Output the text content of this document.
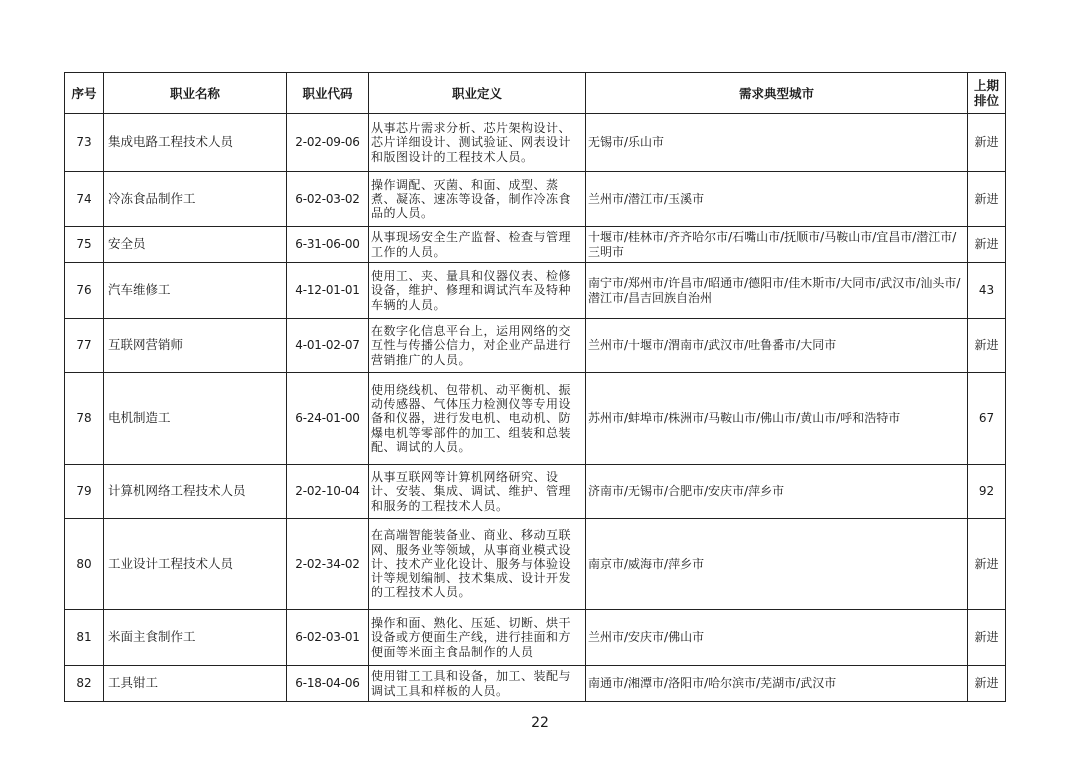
序号	职业名称	职业代码	职业定义	需求典型城市	上期排位
73	集成电路工程技术人员	2-02-09-06	从事芯片需求分析、芯片架构设计、芯片详细设计、测试验证、网表设计和版图设计的工程技术人员。	无锡市/乐山市	新进
74	冷冻食品制作工	6-02-03-02	操作调配、灭菌、和面、成型、蒸煮、凝冻、速冻等设备，制作冷冻食品的人员。	兰州市/潜江市/玉溪市	新进
75	安全员	6-31-06-00	从事现场安全生产监督、检查与管理工作的人员。	十堰市/桂林市/齐齐哈尔市/石嘴山市/抚顺市/马鞍山市/宜昌市/潜江市/三明市	新进
76	汽车维修工	4-12-01-01	使用工、夹、量具和仪器仪表、检修设备，维护、修理和调试汽车及特种车辆的人员。	南宁市/郑州市/许昌市/昭通市/德阳市/佳木斯市/大同市/武汉市/汕头市/潜江市/昌吉回族自治州	43
77	互联网营销师	4-01-02-07	在数字化信息平台上，运用网络的交互性与传播公信力，对企业产品进行营销推广的人员。	兰州市/十堰市/渭南市/武汉市/吐鲁番市/大同市	新进
78	电机制造工	6-24-01-00	使用绕线机、包带机、动平衡机、振动传感器、气体压力检测仪等专用设备和仪器，进行发电机、电动机、防爆电机等零部件的加工、组装和总装配、调试的人员。	苏州市/蚌埠市/株洲市/马鞍山市/佛山市/黄山市/呼和浩特市	67
79	计算机网络工程技术人员	2-02-10-04	从事互联网等计算机网络研究、设计、安装、集成、调试、维护、管理和服务的工程技术人员。	济南市/无锡市/合肥市/安庆市/萍乡市	92
80	工业设计工程技术人员	2-02-34-02	在高端智能装备业、商业、移动互联网、服务业等领域，从事商业模式设计、技术产业化设计、服务与体验设计等规划编制、技术集成、设计开发的工程技术人员。	南京市/威海市/萍乡市	新进
81	米面主食制作工	6-02-03-01	操作和面、熟化、压延、切断、烘干设备或方便面生产线，进行挂面和方便面等米面主食品制作的人员	兰州市/安庆市/佛山市	新进
82	工具钳工	6-18-04-06	使用钳工工具和设备，加工、装配与调试工具和样板的人员。	南通市/湘潭市/洛阳市/哈尔滨市/芜湖市/武汉市	新进
22
